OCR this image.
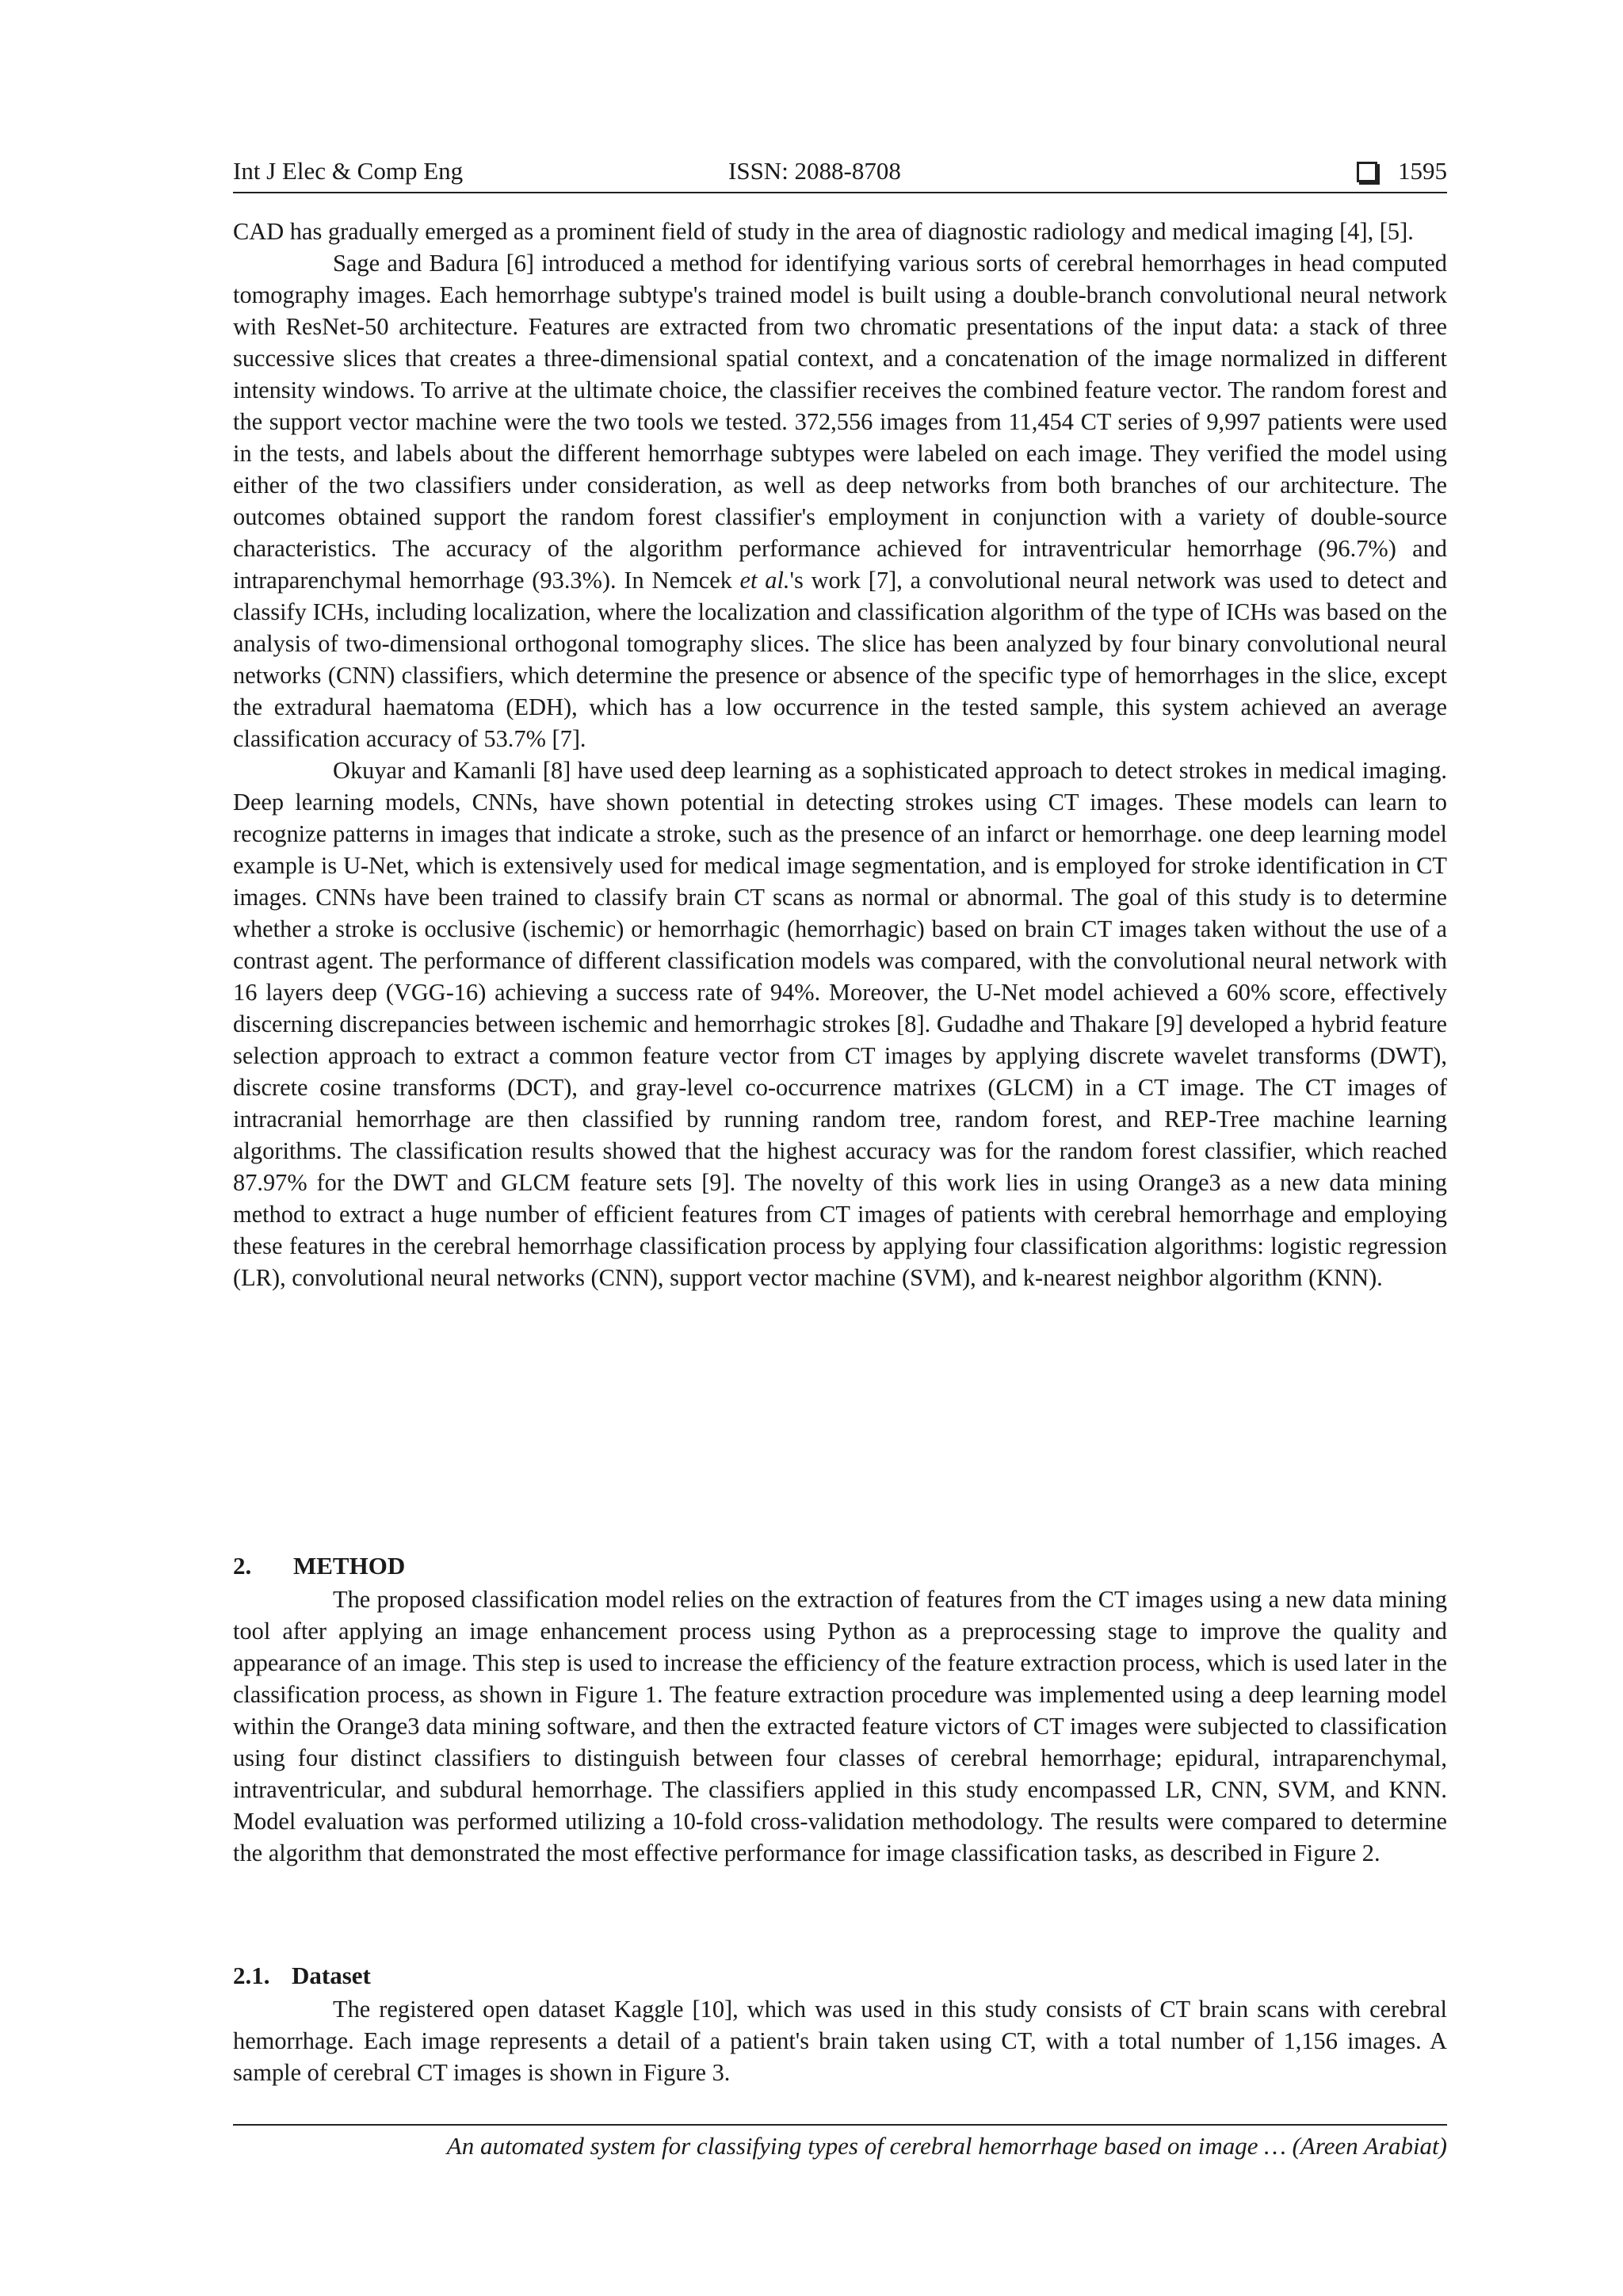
Int J Elec & Comp Eng	ISSN: 2088-8708	1595

CAD has gradually emerged as a prominent field of study in the area of diagnostic radiology and medical imaging [4], [5].

Sage and Badura [6] introduced a method for identifying various sorts of cerebral hemorrhages in head computed tomography images. Each hemorrhage subtype's trained model is built using a double-branch convolutional neural network with ResNet-50 architecture. Features are extracted from two chromatic presentations of the input data: a stack of three successive slices that creates a three-dimensional spatial context, and a concatenation of the image normalized in different intensity windows. To arrive at the ultimate choice, the classifier receives the combined feature vector. The random forest and the support vector machine were the two tools we tested. 372,556 images from 11,454 CT series of 9,997 patients were used in the tests, and labels about the different hemorrhage subtypes were labeled on each image. They verified the model using either of the two classifiers under consideration, as well as deep networks from both branches of our architecture. The outcomes obtained support the random forest classifier's employment in conjunction with a variety of double-source characteristics. The accuracy of the algorithm performance achieved for intraventricular hemorrhage (96.7%) and intraparenchymal hemorrhage (93.3%). In Nemcek et al.'s work [7], a convolutional neural network was used to detect and classify ICHs, including localization, where the localization and classification algorithm of the type of ICHs was based on the analysis of two-dimensional orthogonal tomography slices. The slice has been analyzed by four binary convolutional neural networks (CNN) classifiers, which determine the presence or absence of the specific type of hemorrhages in the slice, except the extradural haematoma (EDH), which has a low occurrence in the tested sample, this system achieved an average classification accuracy of 53.7% [7].

Okuyar and Kamanli [8] have used deep learning as a sophisticated approach to detect strokes in medical imaging. Deep learning models, CNNs, have shown potential in detecting strokes using CT images. These models can learn to recognize patterns in images that indicate a stroke, such as the presence of an infarct or hemorrhage. one deep learning model example is U-Net, which is extensively used for medical image segmentation, and is employed for stroke identification in CT images. CNNs have been trained to classify brain CT scans as normal or abnormal. The goal of this study is to determine whether a stroke is occlusive (ischemic) or hemorrhagic (hemorrhagic) based on brain CT images taken without the use of a contrast agent. The performance of different classification models was compared, with the convolutional neural network with 16 layers deep (VGG-16) achieving a success rate of 94%. Moreover, the U-Net model achieved a 60% score, effectively discerning discrepancies between ischemic and hemorrhagic strokes [8]. Gudadhe and Thakare [9] developed a hybrid feature selection approach to extract a common feature vector from CT images by applying discrete wavelet transforms (DWT), discrete cosine transforms (DCT), and gray-level co-occurrence matrixes (GLCM) in a CT image. The CT images of intracranial hemorrhage are then classified by running random tree, random forest, and REP-Tree machine learning algorithms. The classification results showed that the highest accuracy was for the random forest classifier, which reached 87.97% for the DWT and GLCM feature sets [9]. The novelty of this work lies in using Orange3 as a new data mining method to extract a huge number of efficient features from CT images of patients with cerebral hemorrhage and employing these features in the cerebral hemorrhage classification process by applying four classification algorithms: logistic regression (LR), convolutional neural networks (CNN), support vector machine (SVM), and k-nearest neighbor algorithm (KNN).

2. METHOD

The proposed classification model relies on the extraction of features from the CT images using a new data mining tool after applying an image enhancement process using Python as a preprocessing stage to improve the quality and appearance of an image. This step is used to increase the efficiency of the feature extraction process, which is used later in the classification process, as shown in Figure 1. The feature extraction procedure was implemented using a deep learning model within the Orange3 data mining software, and then the extracted feature victors of CT images were subjected to classification using four distinct classifiers to distinguish between four classes of cerebral hemorrhage; epidural, intraparenchymal, intraventricular, and subdural hemorrhage. The classifiers applied in this study encompassed LR, CNN, SVM, and KNN. Model evaluation was performed utilizing a 10-fold cross-validation methodology. The results were compared to determine the algorithm that demonstrated the most effective performance for image classification tasks, as described in Figure 2.

2.1. Dataset

The registered open dataset Kaggle [10], which was used in this study consists of CT brain scans with cerebral hemorrhage. Each image represents a detail of a patient's brain taken using CT, with a total number of 1,156 images. A sample of cerebral CT images is shown in Figure 3.

An automated system for classifying types of cerebral hemorrhage based on image … (Areen Arabiat)
